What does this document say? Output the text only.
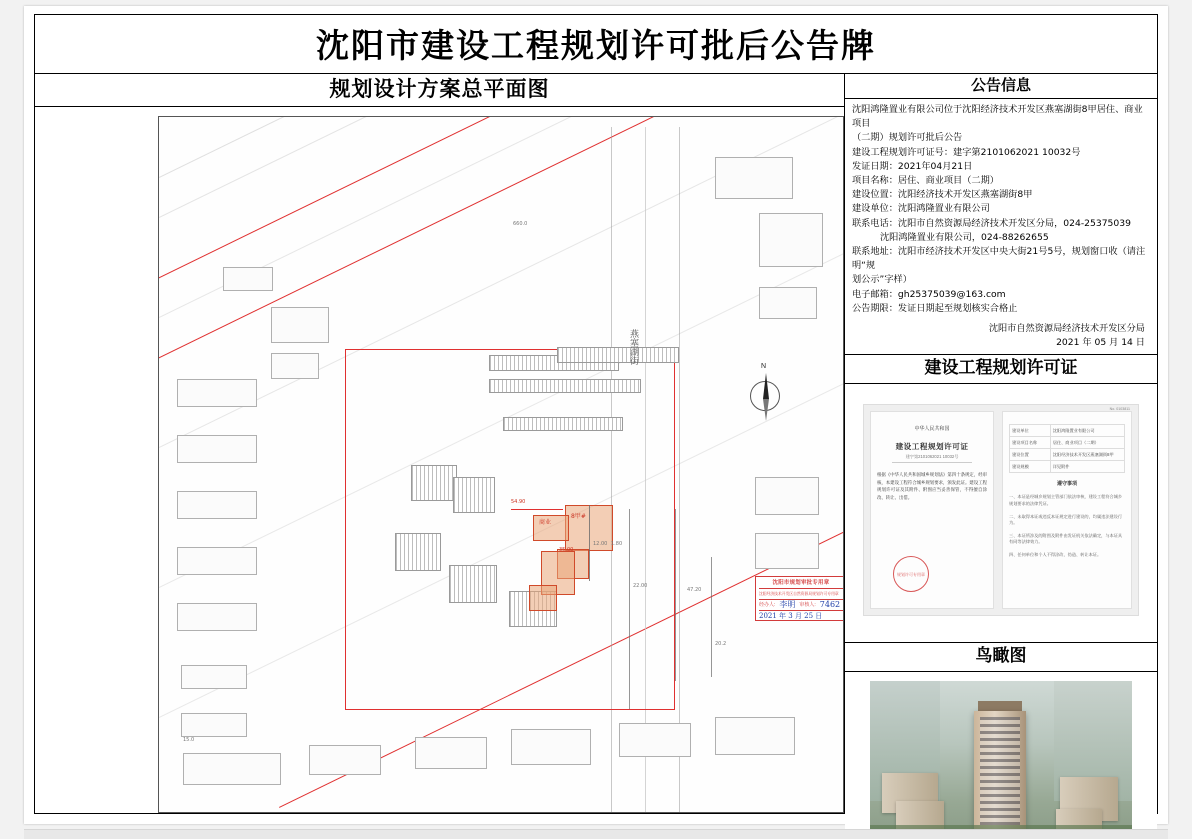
沈阳市建设工程规划许可批后公告牌
规划设计方案总平面图
660.0
燕塞湖街
商业
8甲#
54.90
35.00
12.00 1.80
22.00
47.20
20.2
15.0
N
沈阳市规划审批专用章
沈阳经济技术开发区自然资源局规划许可专用章
经办人: 李明 审核人: 7462
2021 年 3 月 25 日
公告信息

沈阳鸿隆置业有限公司位于沈阳经济技术开发区燕塞湖街8甲居住、商业项目

（二期）规划许可批后公告

建设工程规划许可证号：建字第2101062021 10032号

发证日期：2021年04月21日

项目名称：居住、商业项目（二期）

建设位置：沈阳经济技术开发区燕塞湖街8甲

建设单位：沈阳鸿隆置业有限公司

联系电话：沈阳市自然资源局经济技术开发区分局，024-25375039

沈阳鸿隆置业有限公司，024-88262655

联系地址：沈阳市经济技术开发区中央大街21号5号，规划窗口收（请注明“规

划公示”字样）

电子邮箱：gh25375039@163.com

公告期限：发证日期起至规划核实合格止

沈阳市自然资源局经济技术开发区分局

2021 年 05 月 14 日

建设工程规划许可证
No. 0103811
中华人民共和国
建设工程规划许可证
建字第2101062021 10032号
根据《中华人民共和国城乡规划法》第四十条规定，经审核，本建设工程符合城乡规划要求，颁发此证。建设工程规划许可证及其附件、附图应当妥善保管，不得擅自涂改、转让、出借。
规划许可专用章
建设单位	沈阳鸿隆置业有限公司
建设项目名称	居住、商业项目（二期）
建设位置	沈阳经济技术开发区燕塞湖街8甲
建设规模	详见附件
遵守事项
一、本证是经城乡规划主管部门依法审核，建设工程符合城乡规划要求的法律凭证。
二、未取得本证或违反本证规定进行建设的，均属违法建设行为。
三、本证所涉及的附图及附件由发证机关依法确定，与本证具有同等法律效力。
四、任何单位和个人不得涂改、伪造、转让本证。
鸟瞰图
